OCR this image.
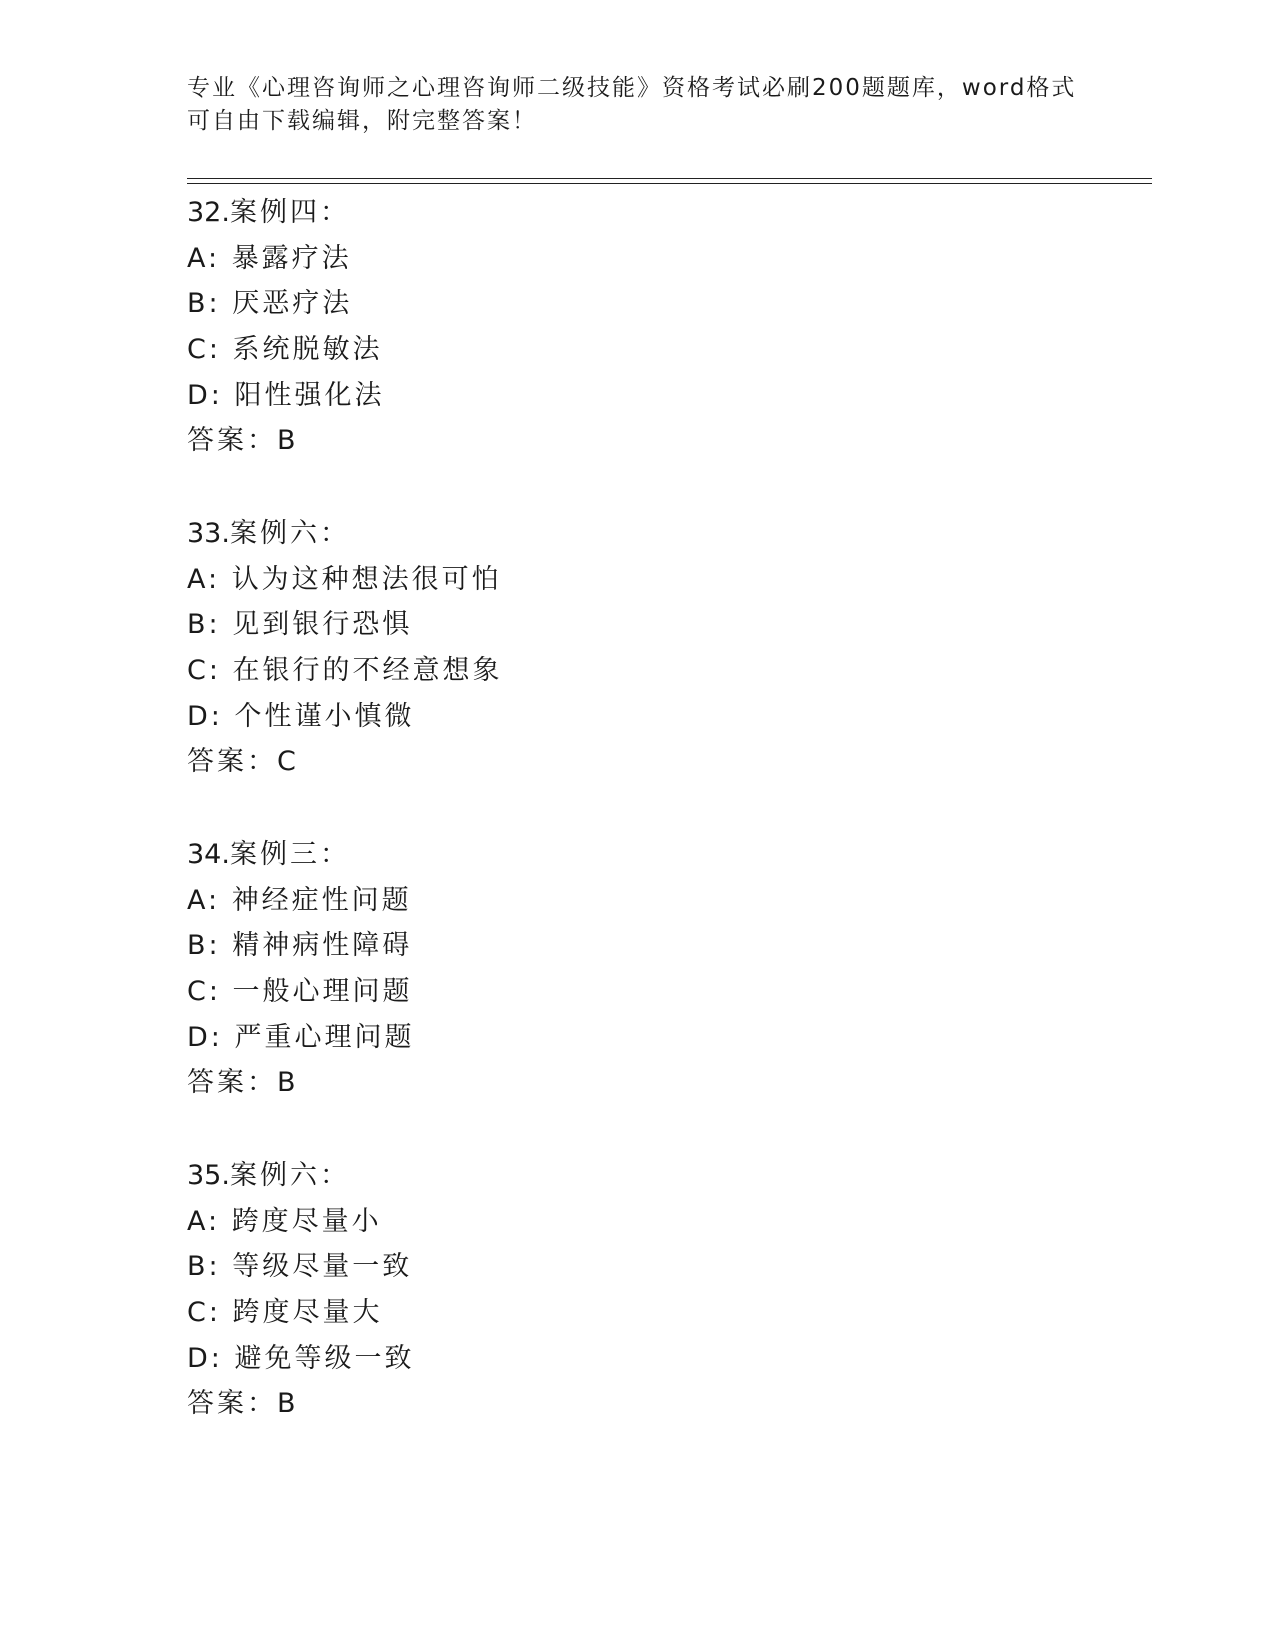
专业《心理咨询师之心理咨询师二级技能》资格考试必刷200题题库，word格式
可自由下载编辑，附完整答案！
32.案例四：
A: 暴露疗法
B: 厌恶疗法
C: 系统脱敏法
D: 阳性强化法
答案：B
33.案例六：
A: 认为这种想法很可怕
B: 见到银行恐惧
C: 在银行的不经意想象
D: 个性谨小慎微
答案：C
34.案例三：
A: 神经症性问题
B: 精神病性障碍
C: 一般心理问题
D: 严重心理问题
答案：B
35.案例六：
A: 跨度尽量小
B: 等级尽量一致
C: 跨度尽量大
D: 避免等级一致
答案：B
